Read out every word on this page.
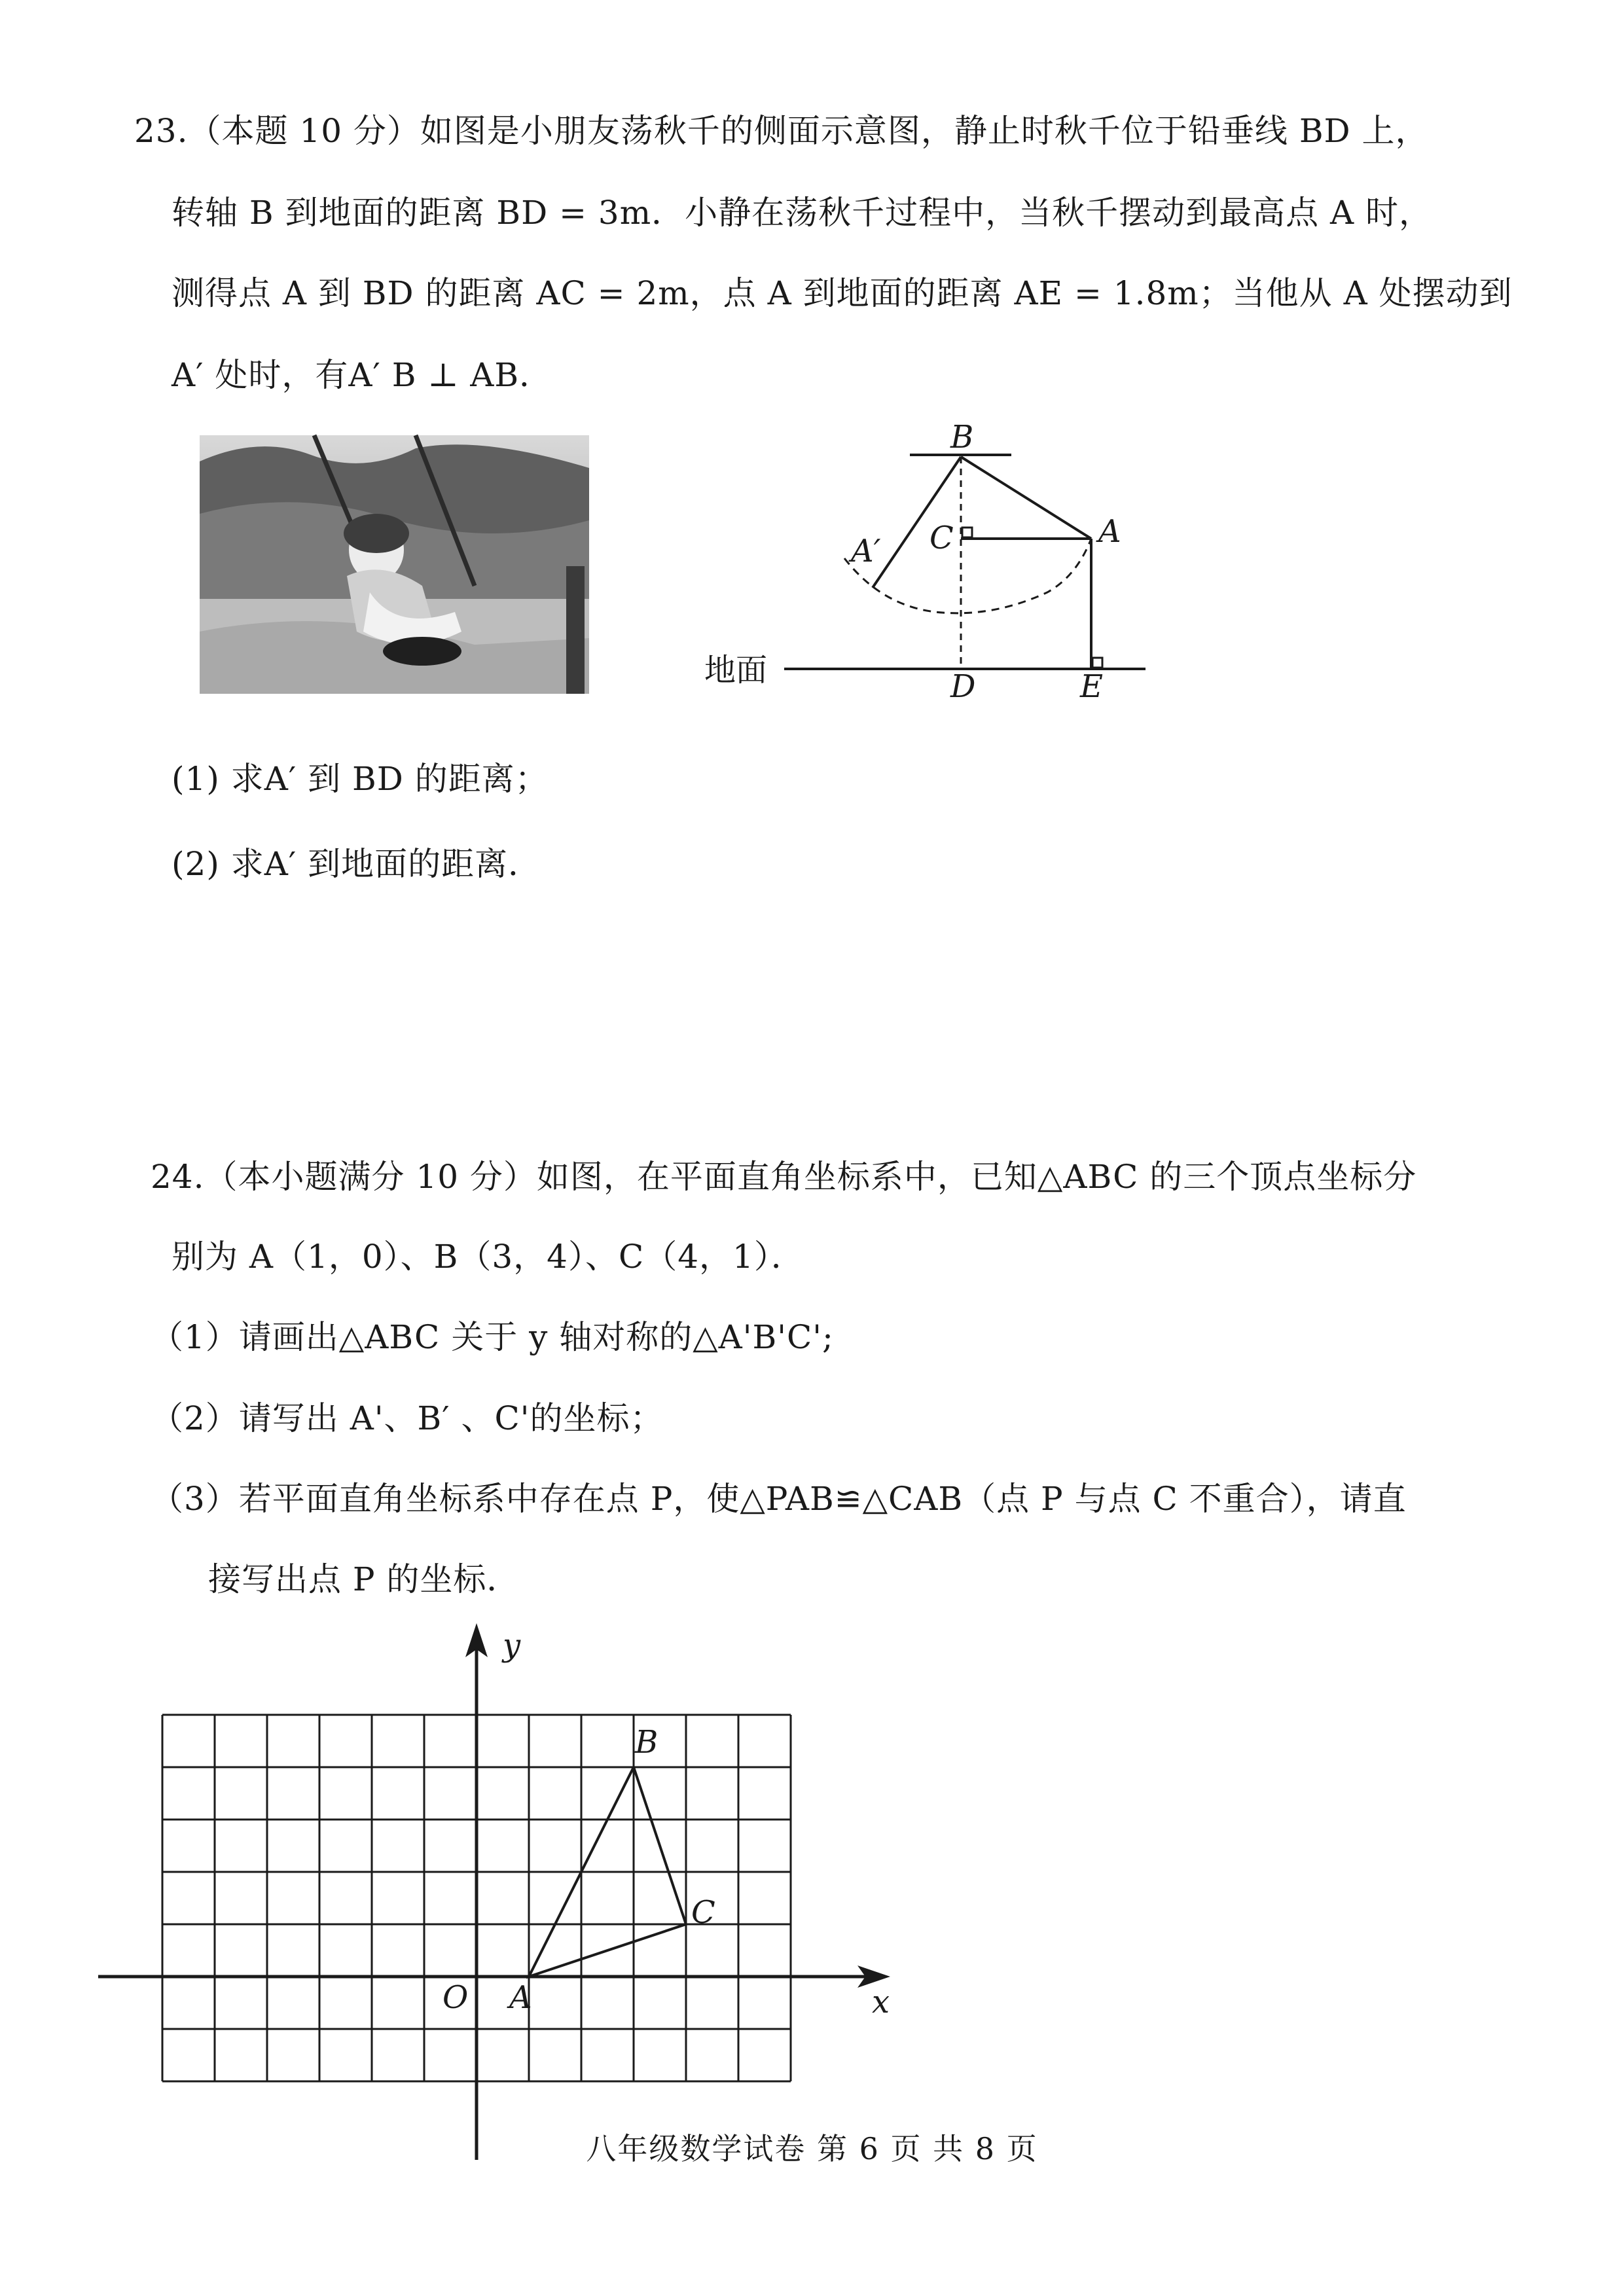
23.（本题 10 分）如图是小朋友荡秋千的侧面示意图，静止时秋千位于铅垂线 BD 上，
转轴 B 到地面的距离 BD = 3m．小静在荡秋千过程中，当秋千摆动到最高点 A 时，
测得点 A 到 BD 的距离 AC = 2m，点 A 到地面的距离 AE = 1.8m；当他从 A 处摆动到
A′ 处时，有A′ B ⊥ AB．
地面
B
A
A′ C
D	E
(1) 求A′ 到 BD 的距离；
(2) 求A′ 到地面的距离．
24.（本小题满分 10 分）如图，在平面直角坐标系中，已知△ABC 的三个顶点坐标分
别为 A（1，0）、B（3，4）、C（4，1）．
（1）请画出△ABC 关于 y 轴对称的△A'B'C';
（2）请写出 A'、B′ 、C'的坐标；
（3）若平面直角坐标系中存在点 P，使△PAB≌△CAB（点 P 与点 C 不重合），请直
接写出点 P 的坐标．
x
y
O A
B
C
八年级数学试卷 第 6 页 共 8 页
